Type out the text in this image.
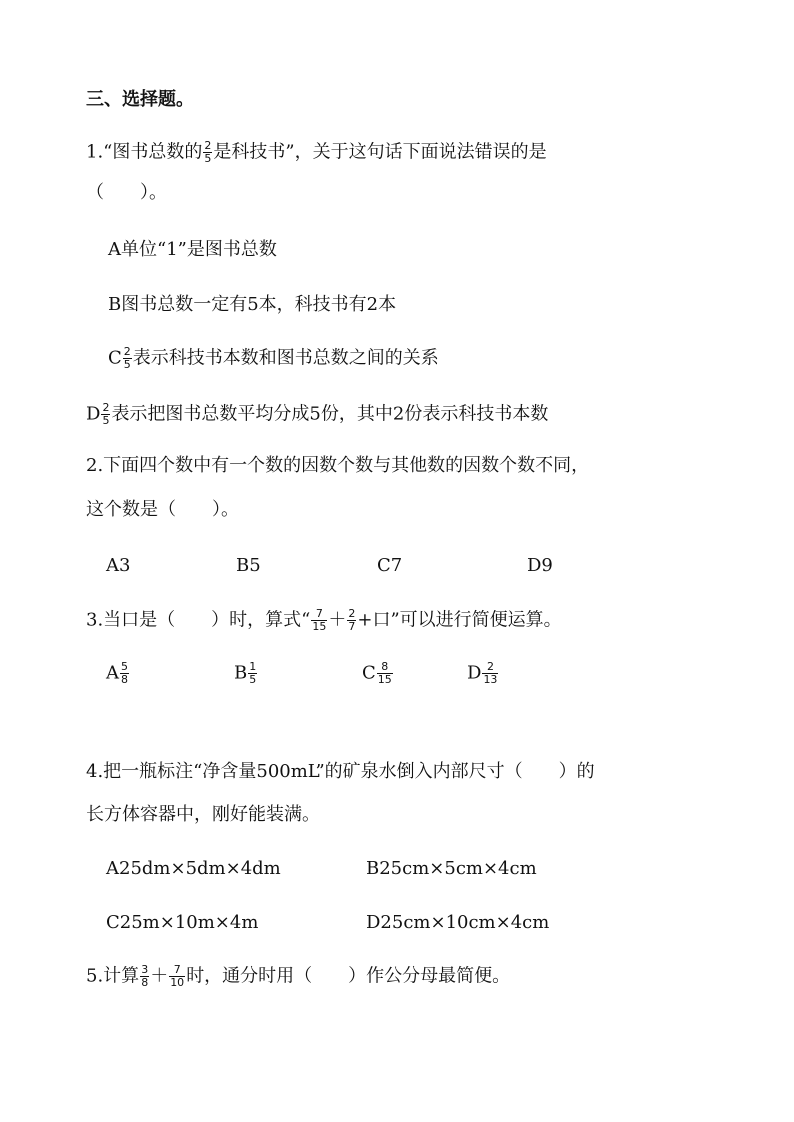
三、选择题。
1.“图书总数的 $\frac{2}{5}$ 是科技书”，关于这句话下面说法错误的是
（　　）。
A单位“1”是图书总数
B图书总数一定有5本，科技书有2本
C $\frac{2}{5}$ 表示科技书本数和图书总数之间的关系
D $\frac{2}{5}$ 表示把图书总数平均分成5份，其中2份表示科技书本数
2.下面四个数中有一个数的因数个数与其他数的因数个数不同，
这个数是（　　）。
A3	B5	C7	D9
3.当口是（　　）时，算式“ $\frac{7}{15} + \frac{2}{7}$ +口”可以进行简便运算。
A $\frac{5}{8}$	B $\frac{1}{5}$	C $\frac{8}{15}$	D $\frac{2}{13}$
4.把一瓶标注“净含量500mL”的矿泉水倒入内部尺寸（　　）的
长方体容器中，刚好能装满。
A25dm×5dm×4dm	B25cm×5cm×4cm
C25m×10m×4m	D25cm×10cm×4cm
5.计算 $\frac{3}{8} + \frac{7}{10}$ 时，通分时用（　　）作公分母最简便。
